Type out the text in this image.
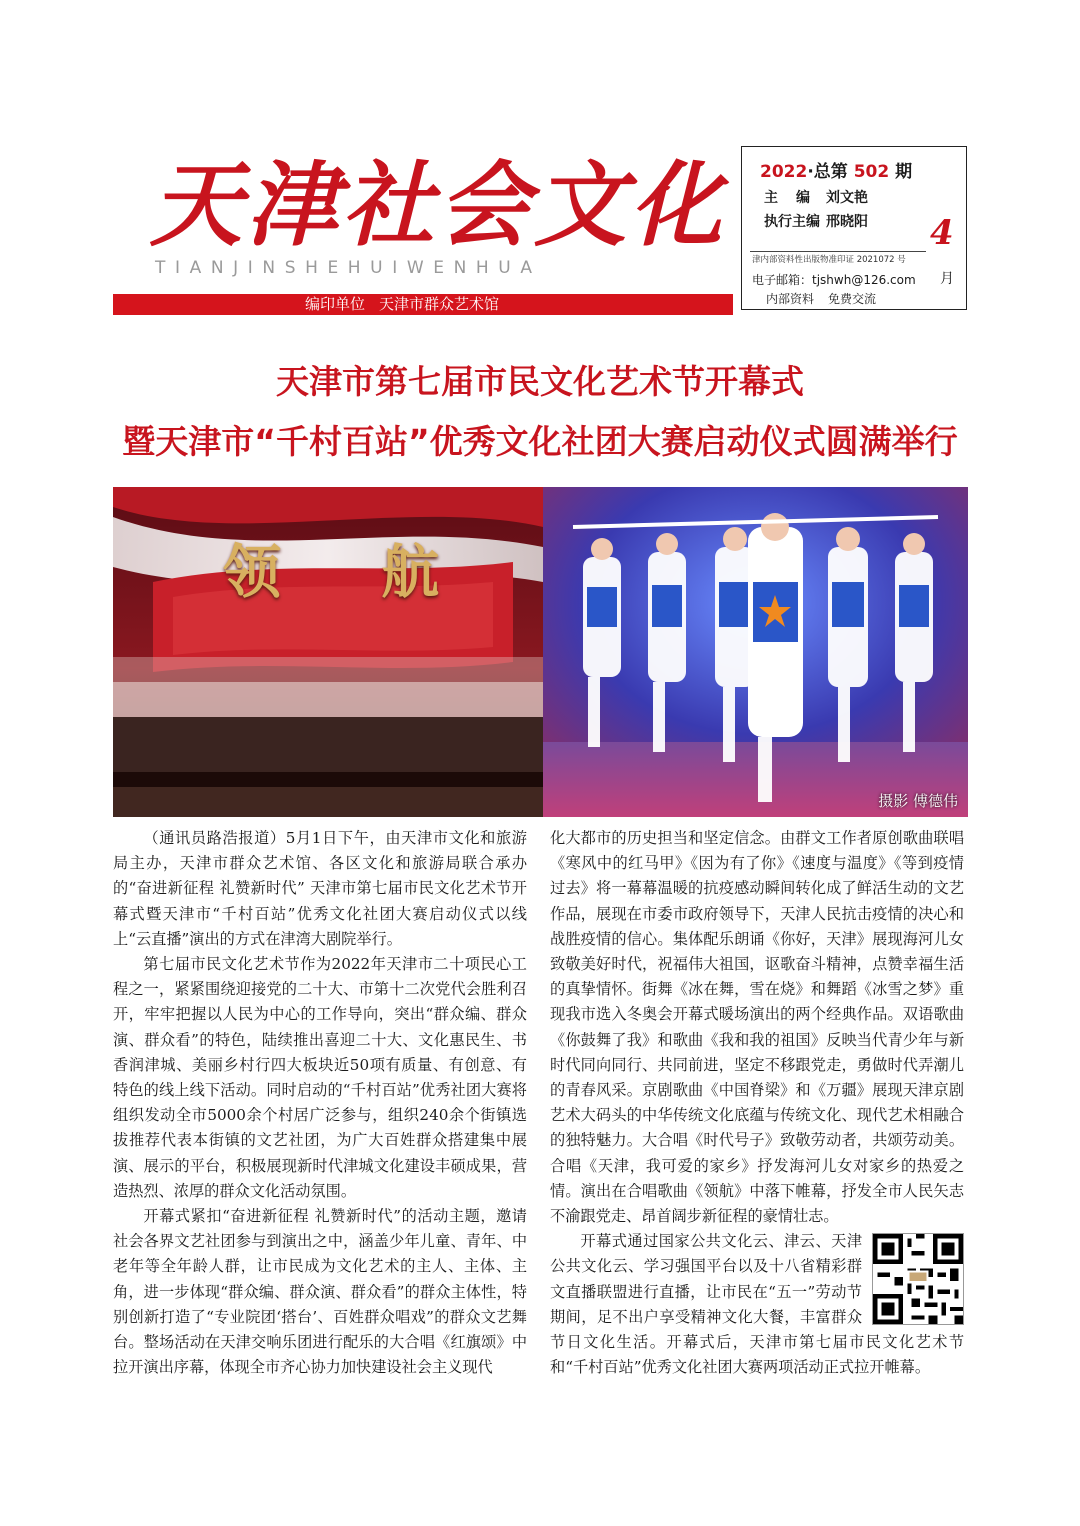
天津社会文化
TIANJINSHEHUIWENHUA
编印单位 天津市群众艺术馆
2022·总第 502 期
主编刘文艳
执行主编 邢晓阳 4
津内部资料性出版物准印证 2021072 号
电子邮箱：tjshwh@126.com 月
内部资料 免费交流
天津市第七届市民文化艺术节开幕式
暨天津市“千村百站”优秀文化社团大赛启动仪式圆满举行
领 航
摄影 傅德伟

（通讯员路浩报道）5月1日下午，由天津市文化和旅游局主办，天津市群众艺术馆、各区文化和旅游局联合承办的“奋进新征程 礼赞新时代” 天津市第七届市民文化艺术节开幕式暨天津市“千村百站”优秀文化社团大赛启动仪式以线上“云直播”演出的方式在津湾大剧院举行。

第七届市民文化艺术节作为2022年天津市二十项民心工程之一，紧紧围绕迎接党的二十大、市第十二次党代会胜利召开，牢牢把握以人民为中心的工作导向，突出“群众编、群众演、群众看”的特色，陆续推出喜迎二十大、文化惠民生、书香润津城、美丽乡村行四大板块近50项有质量、有创意、有特色的线上线下活动。同时启动的“千村百站”优秀社团大赛将组织发动全市5000余个村居广泛参与，组织240余个街镇选拔推荐代表本街镇的文艺社团，为广大百姓群众搭建集中展演、展示的平台，积极展现新时代津城文化建设丰硕成果，营造热烈、浓厚的群众文化活动氛围。

开幕式紧扣“奋进新征程 礼赞新时代”的活动主题，邀请社会各界文艺社团参与到演出之中，涵盖少年儿童、青年、中老年等全年龄人群，让市民成为文化艺术的主人、主体、主角，进一步体现“群众编、群众演、群众看”的群众主体性，特别创新打造了“专业院团‘搭台’、百姓群众唱戏”的群众文艺舞台。整场活动在天津交响乐团进行配乐的大合唱《红旗颂》中拉开演出序幕，体现全市齐心协力加快建设社会主义现代

化大都市的历史担当和坚定信念。由群文工作者原创歌曲联唱《寒风中的红马甲》《因为有了你》《速度与温度》《等到疫情过去》将一幕幕温暖的抗疫感动瞬间转化成了鲜活生动的文艺作品，展现在市委市政府领导下，天津人民抗击疫情的决心和战胜疫情的信心。集体配乐朗诵《你好，天津》展现海河儿女致敬美好时代，祝福伟大祖国，讴歌奋斗精神，点赞幸福生活的真挚情怀。街舞《冰在舞，雪在烧》和舞蹈《冰雪之梦》重现我市选入冬奥会开幕式暖场演出的两个经典作品。双语歌曲《你鼓舞了我》和歌曲《我和我的祖国》反映当代青少年与新时代同向同行、共同前进，坚定不移跟党走，勇做时代弄潮儿的青春风采。京剧歌曲《中国脊梁》和《万疆》展现天津京剧艺术大码头的中华传统文化底蕴与传统文化、现代艺术相融合的独特魅力。大合唱《时代号子》致敬劳动者，共颂劳动美。合唱《天津，我可爱的家乡》抒发海河儿女对家乡的热爱之情。演出在合唱歌曲《领航》中落下帷幕，抒发全市人民矢志不渝跟党走、昂首阔步新征程的豪情壮志。

开幕式通过国家公共文化云、津云、天津公共文化云、学习强国平台以及十八省精彩群文直播联盟进行直播，让市民在“五一”劳动节期间，足不出户享受精神文化大餐，丰富群众节日文化生活。开幕式后，天津市第七届市民文化艺术节和“千村百站”优秀文化社团大赛两项活动正式拉开帷幕。
